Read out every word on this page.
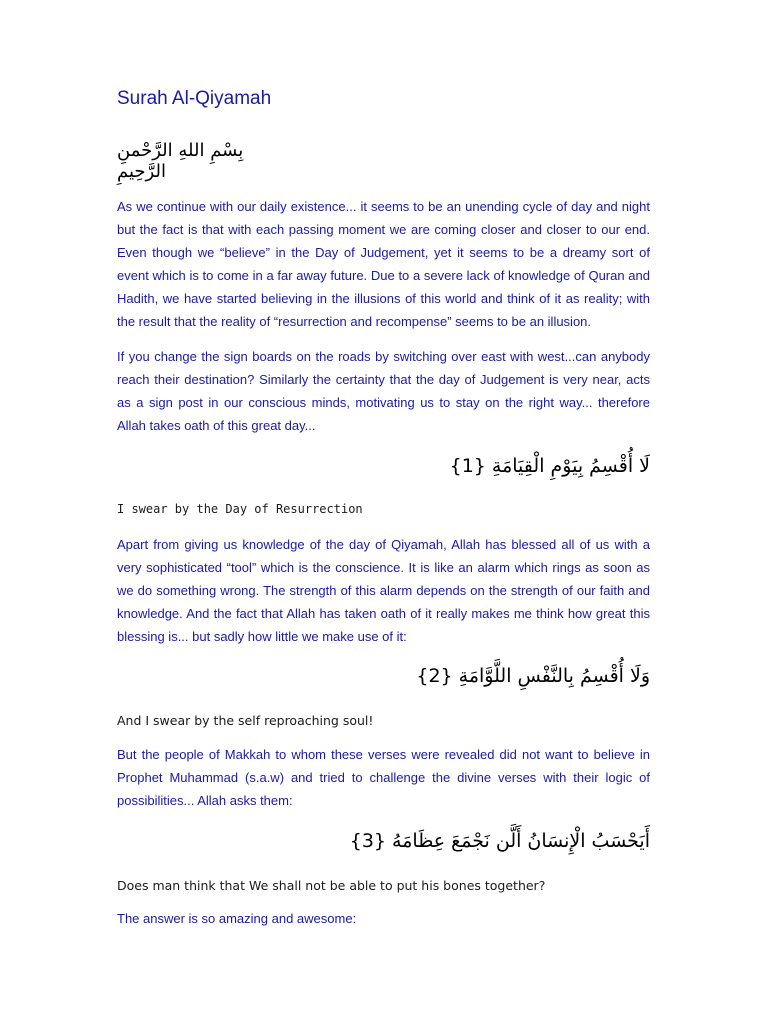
Surah Al-Qiyamah
بِسْمِ اللهِ الرَّحْمنِ الرَّحِيمِ

As we continue with our daily existence... it seems to be an unending cycle of day and night but the fact is that with each passing moment we are coming closer and closer to our end. Even though we “believe” in the Day of Judgement, yet it seems to be a dreamy sort of event which is to come in a far away future. Due to a severe lack of knowledge of Quran and Hadith, we have started believing in the illusions of this world and think of it as reality; with the result that the reality of “resurrection and recompense” seems to be an illusion.

If you change the sign boards on the roads by switching over east with west...can anybody reach their destination? Similarly the certainty that the day of Judgement is very near, acts as a sign post in our conscious minds, motivating us to stay on the right way... therefore Allah takes oath of this great day...

لَا أُقْسِمُ بِيَوْمِ الْقِيَامَةِ {1}

I swear by the Day of Resurrection

Apart from giving us knowledge of the day of Qiyamah, Allah has blessed all of us with a very sophisticated “tool” which is the conscience. It is like an alarm which rings as soon as we do something wrong. The strength of this alarm depends on the strength of our faith and knowledge. And the fact that Allah has taken oath of it really makes me think how great this blessing is... but sadly how little we make use of it:

وَلَا أُقْسِمُ بِالنَّفْسِ اللَّوَّامَةِ {2}

And I swear by the self reproaching soul!

But the people of Makkah to whom these verses were revealed did not want to believe in Prophet Muhammad (s.a.w) and tried to challenge the divine verses with their logic of possibilities... Allah asks them:

أَيَحْسَبُ الْإِنسَانُ أَلَّن نَجْمَعَ عِظَامَهُ {3}

Does man think that We shall not be able to put his bones together?

The answer is so amazing and awesome:
